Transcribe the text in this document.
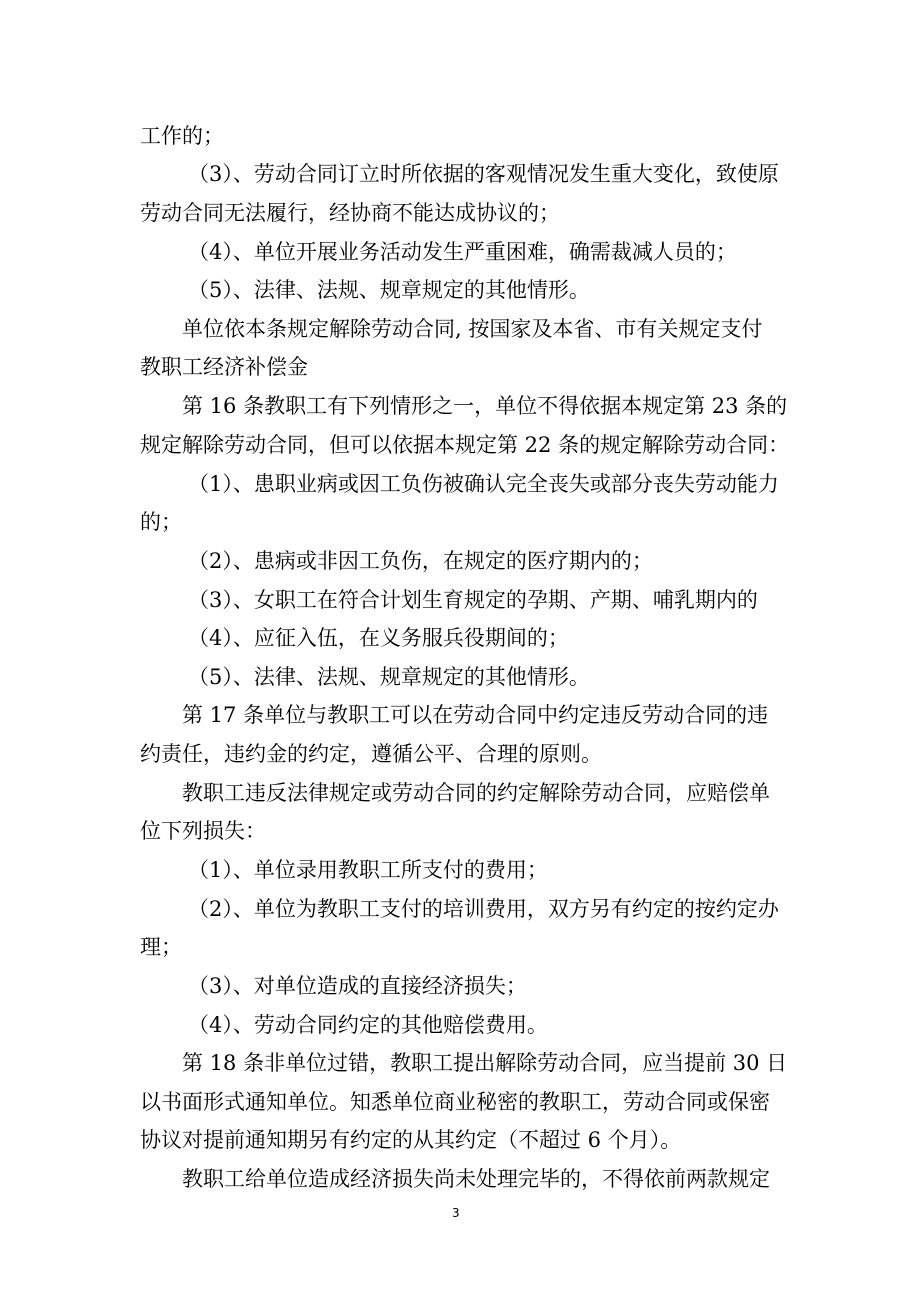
工作的；
（3）、劳动合同订立时所依据的客观情况发生重大变化，致使原
劳动合同无法履行，经协商不能达成协议的；
（4）、单位开展业务活动发生严重困难，确需裁减人员的；
（5）、法律、法规、规章规定的其他情形。
单位依本条规定解除劳动合同, 按国家及本省、市有关规定支付
教职工经济补偿金
第 16 条教职工有下列情形之一，单位不得依据本规定第 23 条的
规定解除劳动合同，但可以依据本规定第 22 条的规定解除劳动合同：
（1）、患职业病或因工负伤被确认完全丧失或部分丧失劳动能力
的；
（2）、患病或非因工负伤，在规定的医疗期内的；
（3）、女职工在符合计划生育规定的孕期、产期、哺乳期内的
（4）、应征入伍，在义务服兵役期间的；
（5）、法律、法规、规章规定的其他情形。
第 17 条单位与教职工可以在劳动合同中约定违反劳动合同的违
约责任，违约金的约定，遵循公平、合理的原则。
教职工违反法律规定或劳动合同的约定解除劳动合同，应赔偿单
位下列损失：
（1）、单位录用教职工所支付的费用；
（2）、单位为教职工支付的培训费用，双方另有约定的按约定办
理；
（3）、对单位造成的直接经济损失；
（4）、劳动合同约定的其他赔偿费用。
第 18 条非单位过错，教职工提出解除劳动合同，应当提前 30 日
以书面形式通知单位。知悉单位商业秘密的教职工，劳动合同或保密
协议对提前通知期另有约定的从其约定（不超过 6 个月）。
教职工给单位造成经济损失尚未处理完毕的，不得依前两款规定
3
